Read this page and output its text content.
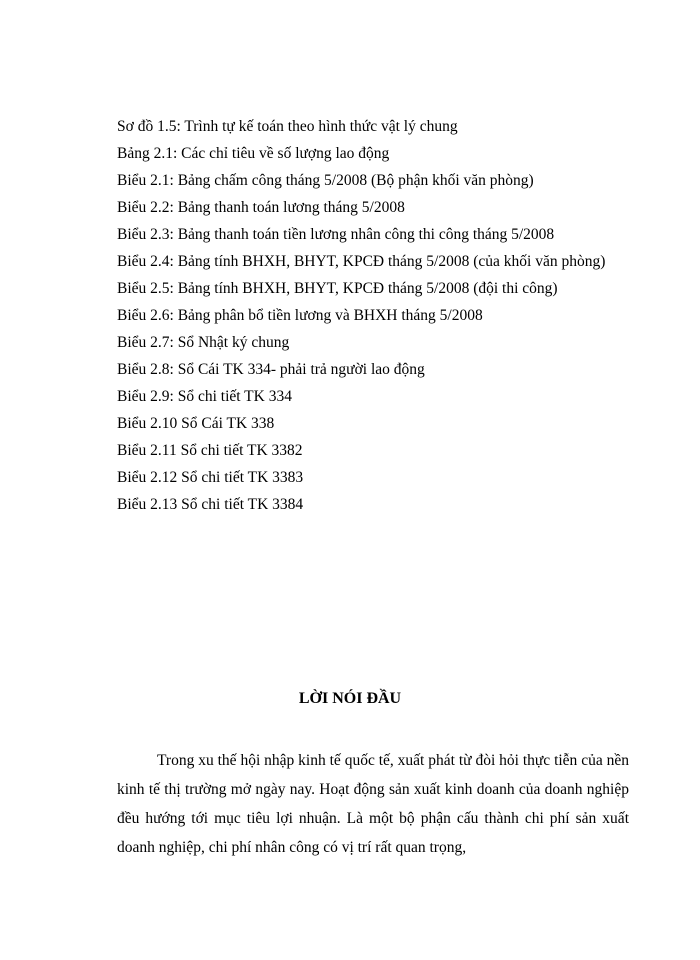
Sơ đồ 1.5: Trình tự kế toán theo hình thức vật lý chung
Bảng 2.1: Các chỉ tiêu về số lượng lao động
Biểu 2.1: Bảng chấm công tháng 5/2008 (Bộ phận khối văn phòng)
Biểu 2.2: Bảng thanh toán lương tháng 5/2008
Biểu 2.3: Bảng thanh toán tiền lương nhân công thi công tháng 5/2008
Biểu 2.4: Bảng tính BHXH, BHYT, KPCĐ tháng 5/2008 (của khối văn phòng)
Biểu 2.5: Bảng tính BHXH, BHYT, KPCĐ tháng 5/2008 (đội thi công)
Biểu 2.6: Bảng phân bổ tiền lương và BHXH tháng 5/2008
Biểu 2.7: Sổ Nhật ký chung
Biểu 2.8: Sổ Cái TK 334- phải trả người lao động
Biểu 2.9: Sổ chi tiết TK 334
Biểu 2.10 Sổ Cái TK 338
Biểu 2.11 Sổ chi tiết TK 3382
Biểu 2.12 Sổ chi tiết TK 3383
Biểu 2.13 Sổ chi tiết TK 3384
LỜI NÓI ĐẦU

Trong xu thế hội nhập kinh tế quốc tế, xuất phát từ đòi hỏi thực tiễn của nền kinh tế thị trường mở ngày nay. Hoạt động sản xuất kinh doanh của doanh nghiệp đều hướng tới mục tiêu lợi nhuận. Là một bộ phận cấu thành chi phí sản xuất doanh nghiệp, chi phí nhân công có vị trí rất quan trọng,
